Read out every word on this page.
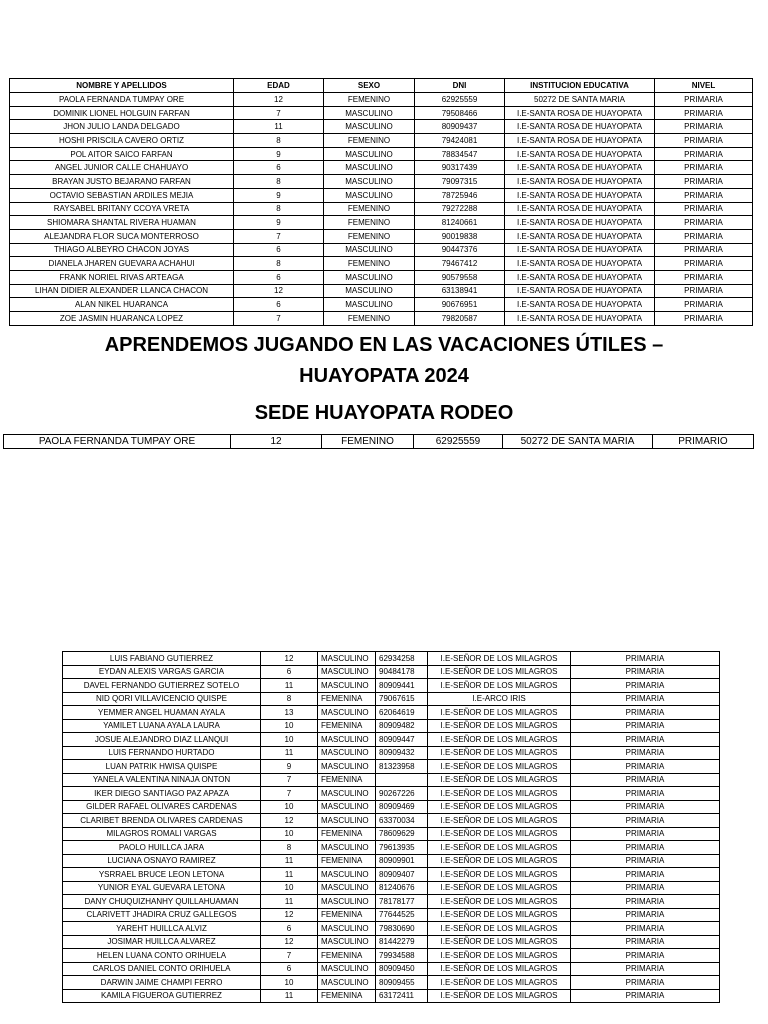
NOMBRE Y APELLIDOS	EDAD	SEXO	DNI	INSTITUCION EDUCATIVA	NIVEL
PAOLA FERNANDA TUMPAY ORE	12	FEMENINO	62925559	50272 DE SANTA MARIA	PRIMARIA
DOMINIK LIONEL HOLGUIN FARFAN	7	MASCULINO	79508466	I.E-SANTA ROSA DE HUAYOPATA	PRIMARIA
JHON JULIO LANDA DELGADO	11	MASCULINO	80909437	I.E-SANTA ROSA DE HUAYOPATA	PRIMARIA
HOSHI PRISCILA CAVERO ORTIZ	8	FEMENINO	79424081	I.E-SANTA ROSA DE HUAYOPATA	PRIMARIA
POL AITOR SAICO FARFAN	9	MASCULINO	78834547	I.E-SANTA ROSA DE HUAYOPATA	PRIMARIA
ANGEL JUNIOR CALLE CHAHUAYO	6	MASCULINO	90317439	I.E-SANTA ROSA DE HUAYOPATA	PRIMARIA
BRAYAN JUSTO BEJARANO FARFAN	8	MASCULINO	79097315	I.E-SANTA ROSA DE HUAYOPATA	PRIMARIA
OCTAVIO SEBASTIAN ARDILES MEJIA	9	MASCULINO	78725946	I.E-SANTA ROSA DE HUAYOPATA	PRIMARIA
RAYSABEL BRITANY CCOYA VRETA	8	FEMENINO	79272288	I.E-SANTA ROSA DE HUAYOPATA	PRIMARIA
SHIOMARA SHANTAL RIVERA HUAMAN	9	FEMENINO	81240661	I.E-SANTA ROSA DE HUAYOPATA	PRIMARIA
ALEJANDRA FLOR SUCA MONTERROSO	7	FEMENINO	90019838	I.E-SANTA ROSA DE HUAYOPATA	PRIMARIA
THIAGO ALBEYRO CHACON JOYAS	6	MASCULINO	90447376	I.E-SANTA ROSA DE HUAYOPATA	PRIMARIA
DIANELA JHAREN GUEVARA ACHAHUI	8	FEMENINO	79467412	I.E-SANTA ROSA DE HUAYOPATA	PRIMARIA
FRANK NORIEL RIVAS ARTEAGA	6	MASCULINO	90579558	I.E-SANTA ROSA DE HUAYOPATA	PRIMARIA
LIHAN DIDIER ALEXANDER LLANCA CHACON	12	MASCULINO	63138941	I.E-SANTA ROSA DE HUAYOPATA	PRIMARIA
ALAN NIKEL HUARANCA	6	MASCULINO	90676951	I.E-SANTA ROSA DE HUAYOPATA	PRIMARIA
ZOE JASMIN HUARANCA LOPEZ	7	FEMENINO	79820587	I.E-SANTA ROSA DE HUAYOPATA	PRIMARIA
APRENDEMOS JUGANDO EN LAS VACACIONES ÚTILES –
HUAYOPATA 2024
SEDE HUAYOPATA RODEO
PAOLA FERNANDA TUMPAY ORE	12	FEMENINO	62925559	50272 DE SANTA MARIA	PRIMARIO
LUIS FABIANO GUTIERREZ	12	MASCULINO	62934258	I.E-SEÑOR DE LOS MILAGROS	PRIMARIA
EYDAN ALEXIS VARGAS GARCIA	6	MASCULINO	90484178	I.E-SEÑOR DE LOS MILAGROS	PRIMARIA
DAVEL FERNANDO GUTIERREZ SOTELO	11	MASCULINO	80909441	I.E-SEÑOR DE LOS MILAGROS	PRIMARIA
NID QORI VILLAVICENCIO QUISPE	8	FEMENINA	79067615	I.E-ARCO IRIS	PRIMARIA
YEMMER ANGEL HUAMAN AYALA	13	MASCULINO	62064619	I.E-SEÑOR DE LOS MILAGROS	PRIMARIA
YAMILET LUANA AYALA LAURA	10	FEMENINA	80909482	I.E-SEÑOR DE LOS MILAGROS	PRIMARIA
JOSUE ALEJANDRO DIAZ LLANQUI	10	MASCULINO	80909447	I.E-SEÑOR DE LOS MILAGROS	PRIMARIA
LUIS FERNANDO HURTADO	11	MASCULINO	80909432	I.E-SEÑOR DE LOS MILAGROS	PRIMARIA
LUAN PATRIK HWISA QUISPE	9	MASCULINO	81323958	I.E-SEÑOR DE LOS MILAGROS	PRIMARIA
YANELA VALENTINA NINAJA ONTON	7	FEMENINA		I.E-SEÑOR DE LOS MILAGROS	PRIMARIA
IKER DIEGO SANTIAGO PAZ APAZA	7	MASCULINO	90267226	I.E-SEÑOR DE LOS MILAGROS	PRIMARIA
GILDER RAFAEL OLIVARES CARDENAS	10	MASCULINO	80909469	I.E-SEÑOR DE LOS MILAGROS	PRIMARIA
CLARIBET BRENDA OLIVARES CARDENAS	12	MASCULINO	63370034	I.E-SEÑOR DE LOS MILAGROS	PRIMARIA
MILAGROS ROMALI VARGAS	10	FEMENINA	78609629	I.E-SEÑOR DE LOS MILAGROS	PRIMARIA
PAOLO HUILLCA JARA	8	MASCULINO	79613935	I.E-SEÑOR DE LOS MILAGROS	PRIMARIA
LUCIANA OSNAYO RAMIREZ	11	FEMENINA	80909901	I.E-SEÑOR DE LOS MILAGROS	PRIMARIA
YSRRAEL BRUCE LEON LETONA	11	MASCULINO	80909407	I.E-SEÑOR DE LOS MILAGROS	PRIMARIA
YUNIOR EYAL GUEVARA LETONA	10	MASCULINO	81240676	I.E-SEÑOR DE LOS MILAGROS	PRIMARIA
DANY CHUQUIZHANHY QUILLAHUAMAN	11	MASCULINO	78178177	I.E-SEÑOR DE LOS MILAGROS	PRIMARIA
CLARIVETT JHADIRA CRUZ GALLEGOS	12	FEMENINA	77644525	I.E-SEÑOR DE LOS MILAGROS	PRIMARIA
YARЕHT HUILLCA ALVIZ	6	MASCULINO	79830690	I.E-SEÑOR DE LOS MILAGROS	PRIMARIA
JOSIMAR HUILLCA ALVAREZ	12	MASCULINO	81442279	I.E-SEÑOR DE LOS MILAGROS	PRIMARIA
HELEN LUANA CONTO ORIHUELA	7	FEMENINA	79934588	I.E-SEÑOR DE LOS MILAGROS	PRIMARIA
CARLOS DANIEL CONTO ORIHUELA	6	MASCULINO	80909450	I.E-SEÑOR DE LOS MILAGROS	PRIMARIA
DARWIN JAIME CHAMPI FERRO	10	MASCULINO	80909455	I.E-SEÑOR DE LOS MILAGROS	PRIMARIA
KAMILA FIGUEROA GUTIERREZ	11	FEMENINA	63172411	I.E-SEÑOR DE LOS MILAGROS	PRIMARIA
